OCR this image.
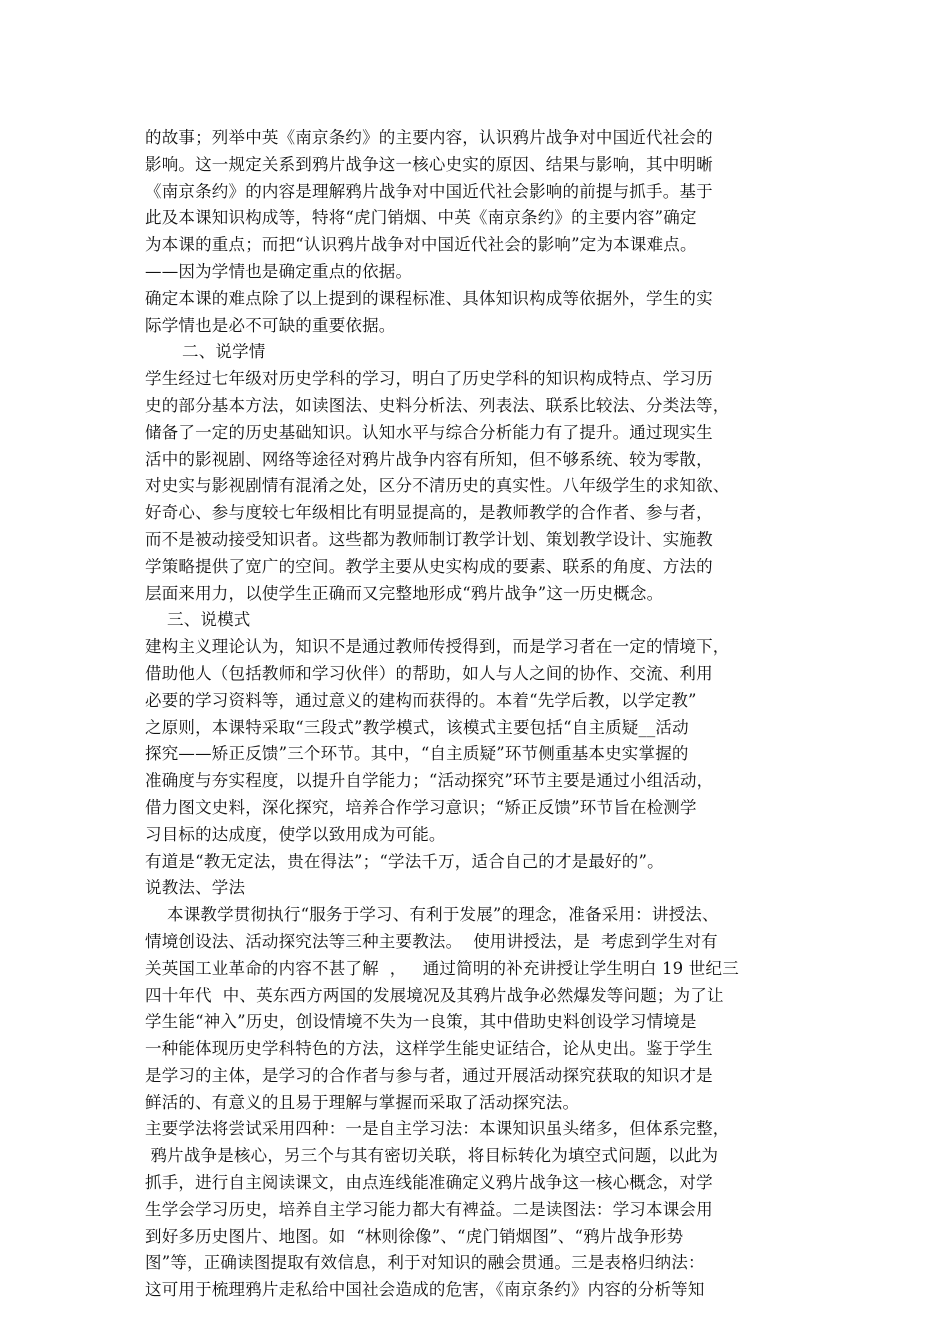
的故事；列举中英《南京条约》的主要内容，认识鸦片战争对中国近代社会的
影响。这一规定关系到鸦片战争这一核心史实的原因、结果与影响，其中明晰
《南京条约》的内容是理解鸦片战争对中国近代社会影响的前提与抓手。基于
此及本课知识构成等，特将“虎门销烟、中英《南京条约》的主要内容”确定
为本课的重点；而把“认识鸦片战争对中国近代社会的影响”定为本课难点。
——因为学情也是确定重点的依据。
确定本课的难点除了以上提到的课程标准、具体知识构成等依据外，学生的实
际学情也是必不可缺的重要依据。
二、说学情
学生经过七年级对历史学科的学习，明白了历史学科的知识构成特点、学习历
史的部分基本方法，如读图法、史料分析法、列表法、联系比较法、分类法等，
储备了一定的历史基础知识。认知水平与综合分析能力有了提升。通过现实生
活中的影视剧、网络等途径对鸦片战争内容有所知，但不够系统、较为零散，
对史实与影视剧情有混淆之处，区分不清历史的真实性。八年级学生的求知欲、
好奇心、参与度较七年级相比有明显提高的，是教师教学的合作者、参与者，
而不是被动接受知识者。这些都为教师制订教学计划、策划教学设计、实施教
学策略提供了宽广的空间。教学主要从史实构成的要素、联系的角度、方法的
层面来用力，以使学生正确而又完整地形成“鸦片战争”这一历史概念。
三、说模式
建构主义理论认为，知识不是通过教师传授得到，而是学习者在一定的情境下，
借助他人（包括教师和学习伙伴）的帮助，如人与人之间的协作、交流、利用
必要的学习资料等，通过意义的建构而获得的。本着“先学后教，以学定教”
之原则，本课特采取“三段式”教学模式，该模式主要包括“自主质疑__活动
探究——矫正反馈”三个环节。其中，“自主质疑”环节侧重基本史实掌握的
准确度与夯实程度，以提升自学能力；“活动探究”环节主要是通过小组活动，
借力图文史料，深化探究，培养合作学习意识；“矫正反馈”环节旨在检测学
习目标的达成度，使学以致用成为可能。
有道是“教无定法，贵在得法”；“学法千万，适合自己的才是最好的”。
说教法、学法
本课教学贯彻执行“服务于学习、有利于发展”的理念，准备采用：讲授法、
情境创设法、活动探究法等三种主要教法。  使用讲授法，是  考虑到学生对有
关英国工业革命的内容不甚了解  ，   通过简明的补充讲授让学生明白 19 世纪三
四十年代  中、英东西方两国的发展境况及其鸦片战争必然爆发等问题；为了让
学生能“神入”历史，创设情境不失为一良策，其中借助史料创设学习情境是
一种能体现历史学科特色的方法，这样学生能史证结合，论从史出。鉴于学生
是学习的主体，是学习的合作者与参与者，通过开展活动探究获取的知识才是
鲜活的、有意义的且易于理解与掌握而采取了活动探究法。
主要学法将尝试采用四种：一是自主学习法：本课知识虽头绪多，但体系完整，
鸦片战争是核心，另三个与其有密切关联，将目标转化为填空式问题，以此为
抓手，进行自主阅读课文，由点连线能准确定义鸦片战争这一核心概念，对学
生学会学习历史，培养自主学习能力都大有裨益。二是读图法：学习本课会用
到好多历史图片、地图。如  “林则徐像”、“虎门销烟图”、“鸦片战争形势
图”等，正确读图提取有效信息，利于对知识的融会贯通。三是表格归纳法：
这可用于梳理鸦片走私给中国社会造成的危害，《南京条约》内容的分析等知
